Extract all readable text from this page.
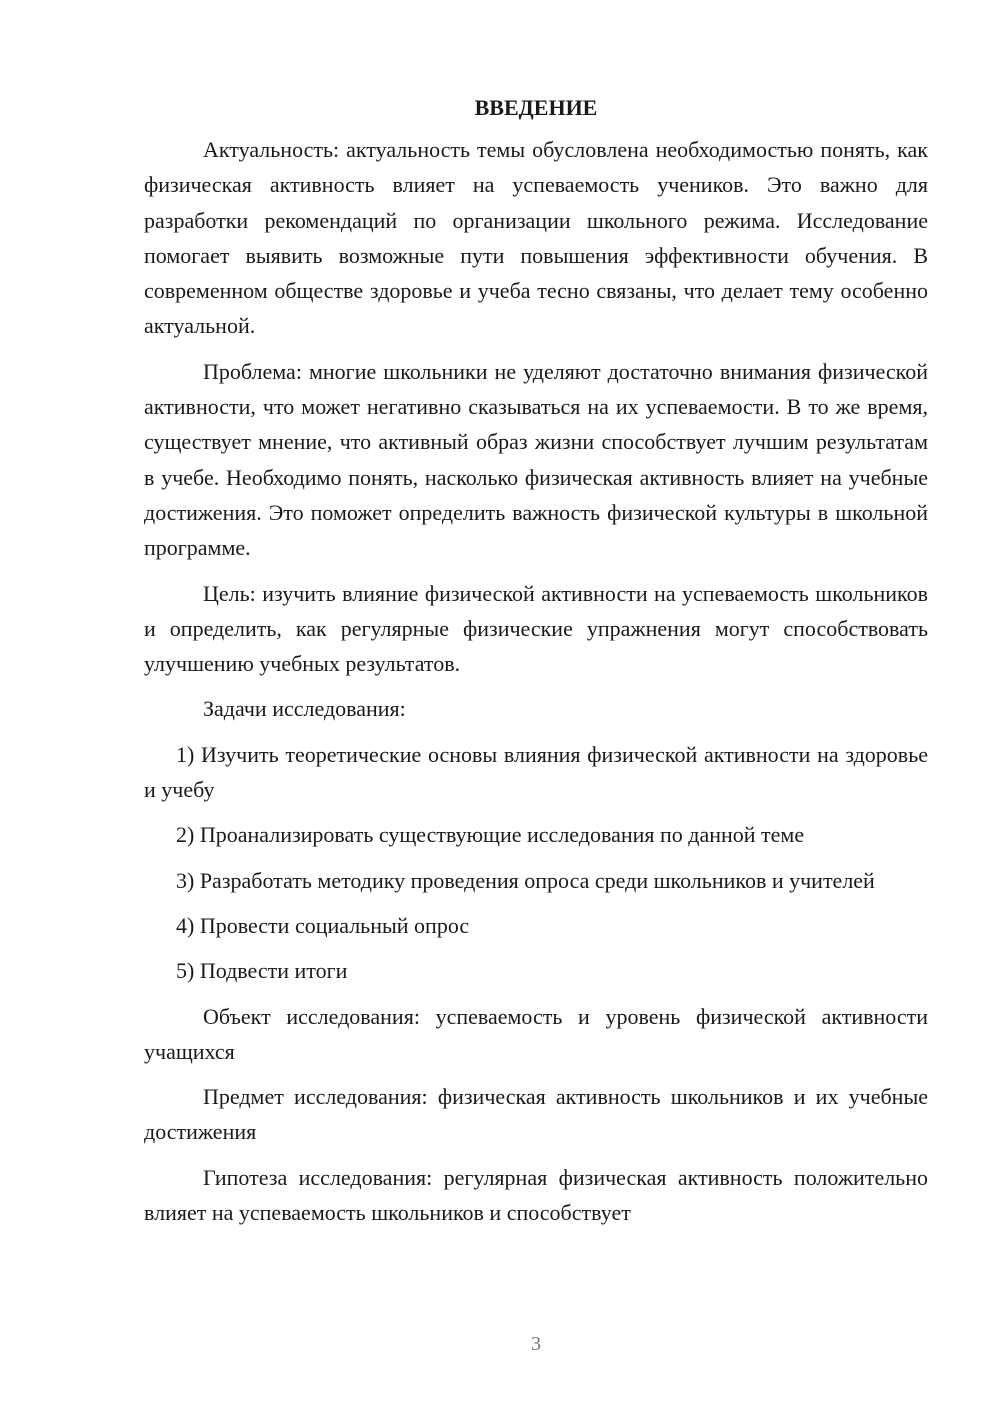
ВВЕДЕНИЕ

Актуальность: актуальность темы обусловлена необходимостью понять, как физическая активность влияет на успеваемость учеников. Это важно для разработки рекомендаций по организации школьного режима. Исследование помогает выявить возможные пути повышения эффективности обучения. В современном обществе здоровье и учеба тесно связаны, что делает тему особенно актуальной.

Проблема: многие школьники не уделяют достаточно внимания физической активности, что может негативно сказываться на их успеваемости. В то же время, существует мнение, что активный образ жизни способствует лучшим результатам в учебе. Необходимо понять, насколько физическая активность влияет на учебные достижения. Это поможет определить важность физической культуры в школьной программе.

Цель: изучить влияние физической активности на успеваемость школьников и определить, как регулярные физические упражнения могут способствовать улучшению учебных результатов.

Задачи исследования:

1) Изучить теоретические основы влияния физической активности на здоровье и учебу

2) Проанализировать существующие исследования по данной теме

3) Разработать методику проведения опроса среди школьников и учителей

4) Провести социальный опрос

5) Подвести итоги

Объект исследования: успеваемость и уровень физической активности учащихся

Предмет исследования: физическая активность школьников и их учебные достижения

Гипотеза исследования: регулярная физическая активность положительно влияет на успеваемость школьников и способствует

3
